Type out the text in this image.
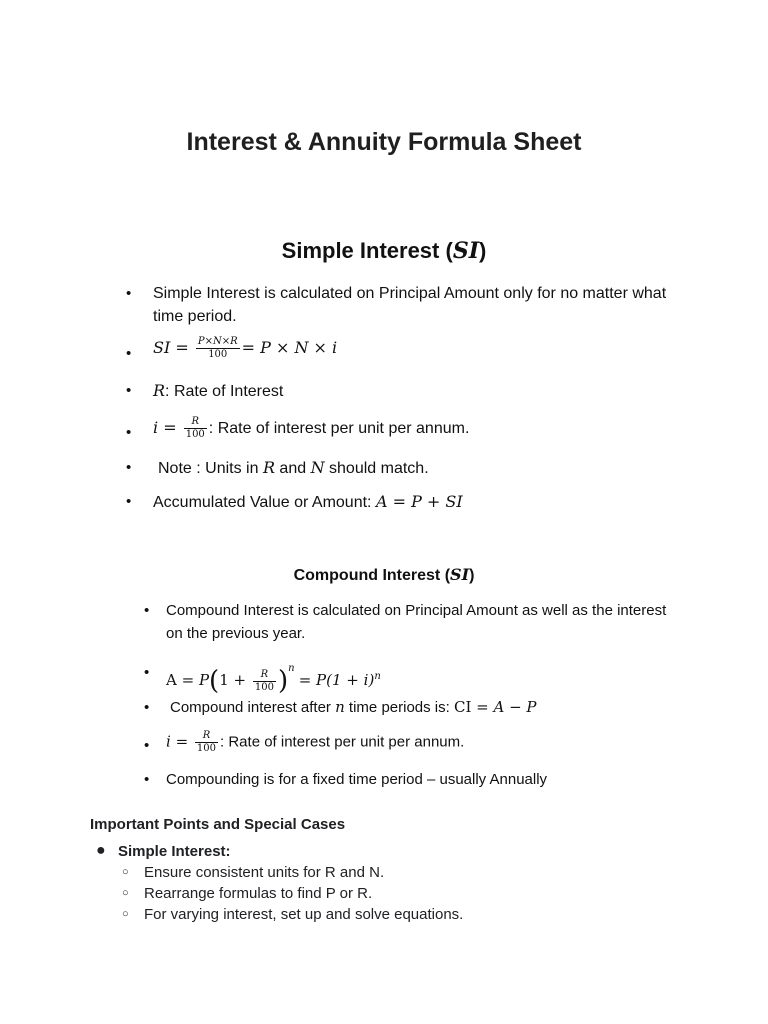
Interest & Annuity Formula Sheet
Simple Interest (SI)
• Simple Interest is calculated on Principal Amount only for no matter what time period.
• SI = $\frac{P\times N\times R}{100} = P \times N \times i$
• R: Rate of Interest
• $i = \frac{R}{100}$ : Rate of interest per unit per annum.
• Note : Units in R and N should match.
• Accumulated Value or Amount: A = P + SI
Compound Interest (SI)
• Compound Interest is calculated on Principal Amount as well as the interest on the previous year.
• $A = P(1 + \frac{R}{100} )^n = P(1 + i)^n$
• Compound interest after n time periods is: CI = A − P
• $i = \frac{R}{100}$ : Rate of interest per unit per annum.
• Compounding is for a fixed time period – usually Annually
Important Points and Special Cases
● Simple Interest:
○ Ensure consistent units for R and N.
○ Rearrange formulas to find P or R.
○ For varying interest, set up and solve equations.
